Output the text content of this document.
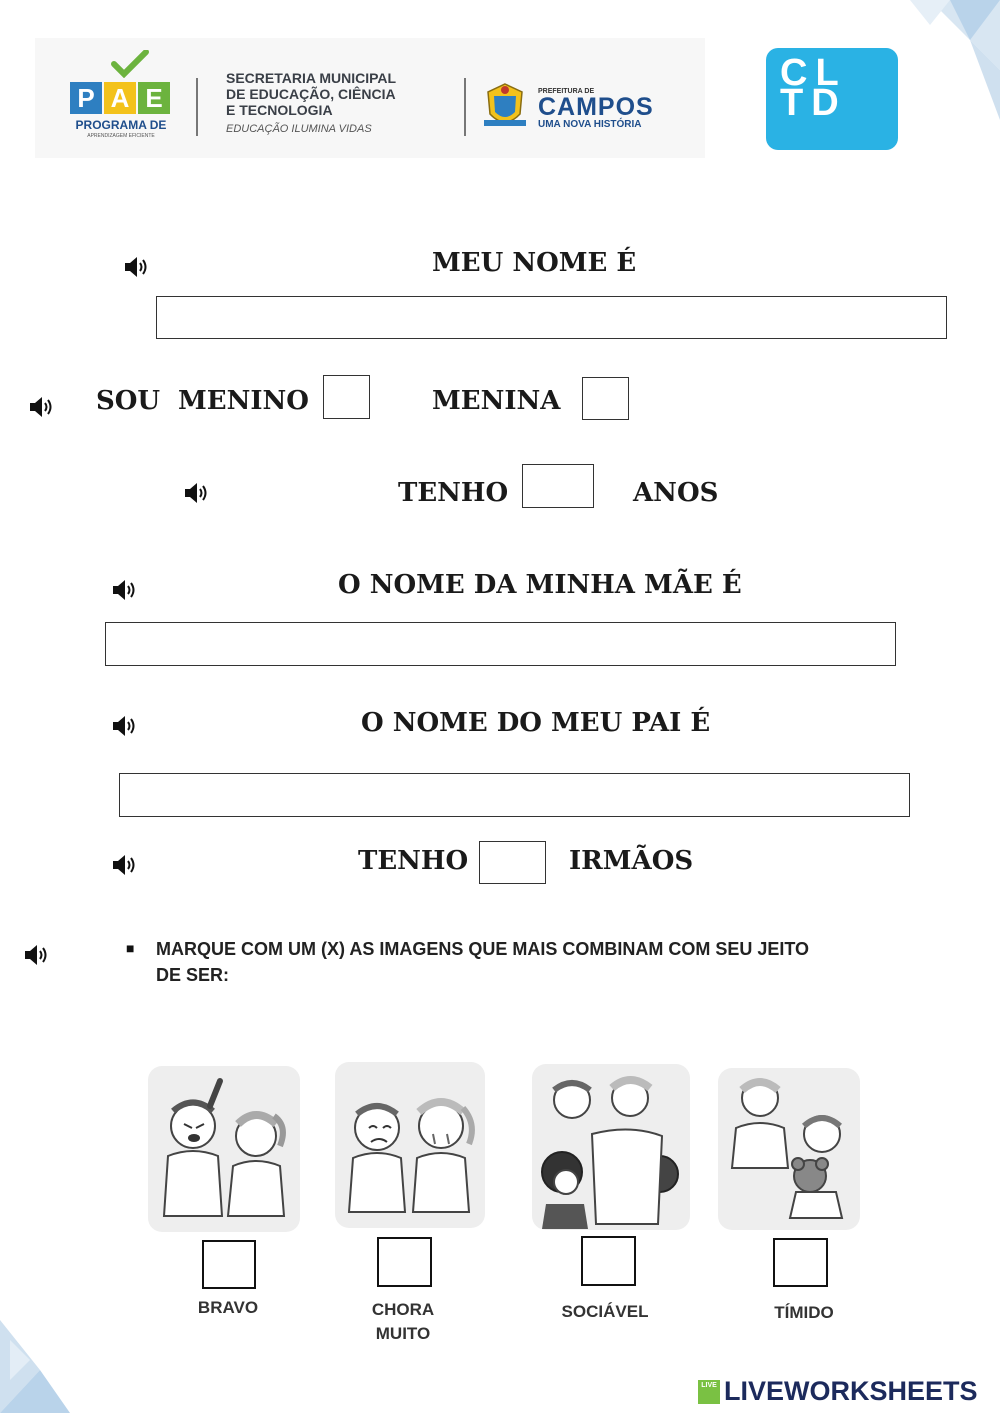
P A E
PROGRAMA DE
APRENDIZAGEM EFICIENTE
SECRETARIA MUNICIPAL
DE EDUCAÇÃO, CIÊNCIA
E TECNOLOGIA
EDUCAÇÃO ILUMINA VIDAS
PREFEITURA DE
CAMPOS
UMA NOVA HISTÓRIA
CL
TD
MEU NOME É
SOU MENINO	MENINA
TENHO	ANOS
O NOME DA MINHA MÃE É
O NOME DO MEU PAI É
TENHO	IRMÃOS
■ MARQUE COM UM (X) AS IMAGENS QUE MAIS COMBINAM COM SEU JEITO
DE SER:
BRAVO	CHORA
MUITO
SOCIÁVEL	TÍMIDO
LIVE LIVEWORKSHEETS
